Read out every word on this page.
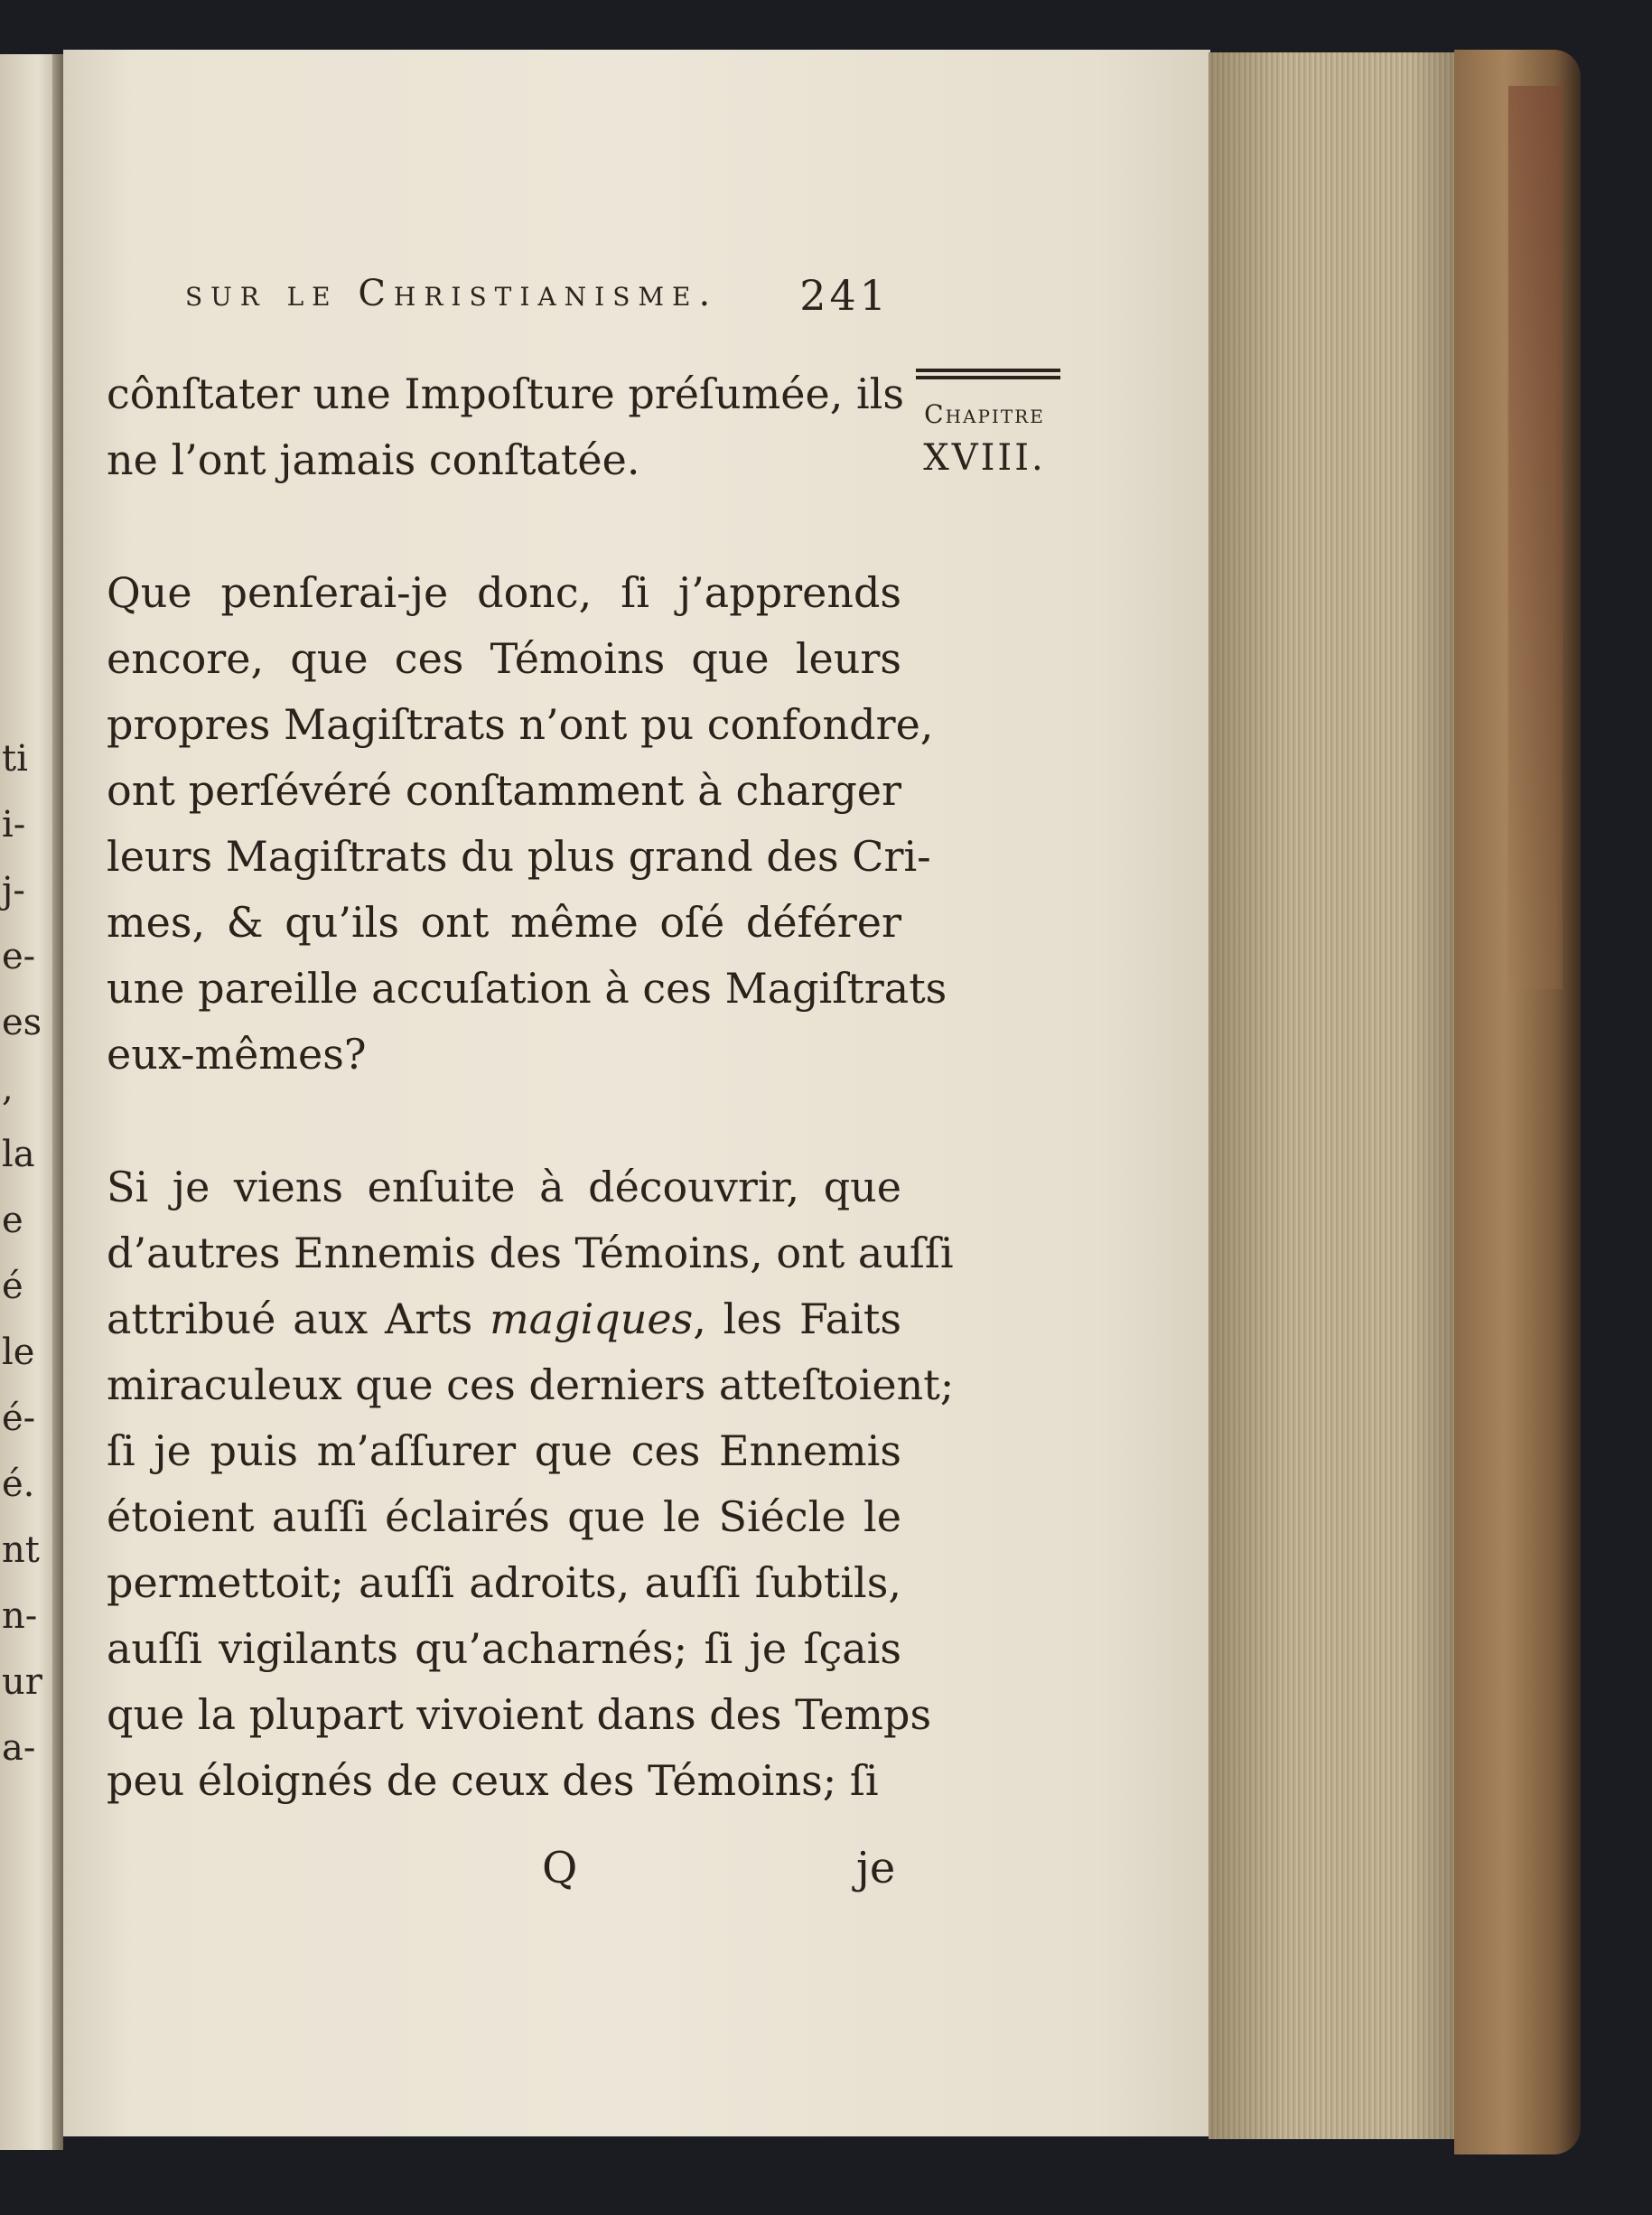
ti
i-
j-
e-
es
,
la
e
é
le
é-
é.
nt
n-
ur
a-
sur le Christianisme. 241
Chapitre
XVIII.
cônſtater une Impoſture préſumée, ils
ne l’ont jamais conſtatée.
Que penſerai-je donc, ſi j’apprends
encore, que ces Témoins que leurs
propres Magiſtrats n’ont pu confondre,
ont perſévéré conſtamment à charger
leurs Magiſtrats du plus grand des Cri-
mes, & qu’ils ont même oſé déférer
une pareille accuſation à ces Magiſtrats
eux-mêmes?
Si je viens enſuite à découvrir, que
d’autres Ennemis des Témoins, ont auſſi
attribué aux Arts magiques, les Faits
miraculeux que ces derniers atteſtoient;
ſi je puis m’aſſurer que ces Ennemis
étoient auſſi éclairés que le Siécle le
permettoit; auſſi adroits, auſſi ſubtils,
auſſi vigilants qu’acharnés; ſi je ſçais
que la plupart vivoient dans des Temps
peu éloignés de ceux des Témoins; ſi
Q	je
